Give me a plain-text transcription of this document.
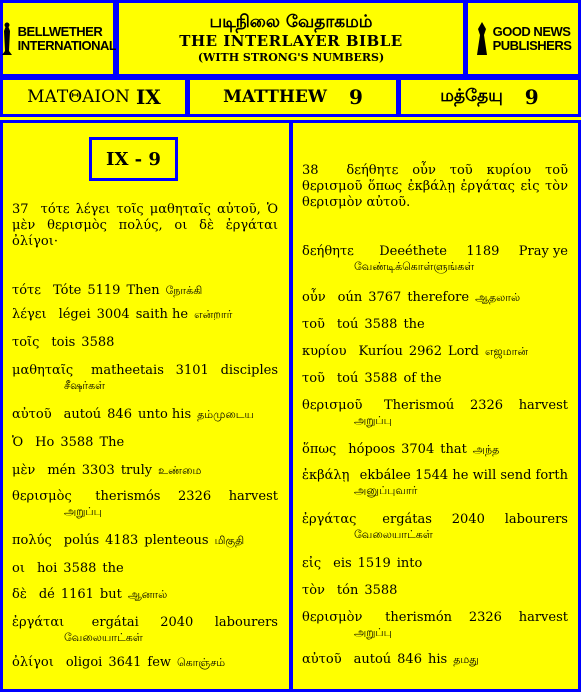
BELLWETHER
INTERNATIONAL
படிநிலை வேதாகமம்
THE INTERLAYER BIBLE
(WITH STRONG'S NUMBERS)
GOOD NEWS
PUBLISHERS
ΜΑΤΘΑΙΟΝ IX	MATTHEW 9	மத்தேயு 9
IX - 9
37 τότε λέγει τοῖς μαθηταῖς αὐτοῦ, Ὁ μὲν θερισμὸς πολύς, οι δὲ ἐργάται ὀλίγοι·
38 δεήθητε οὖν τοῦ κυρίου τοῦ θερισμοῦ ὅπως ἐκβάλῃ ἐργάτας εἰς τὸν θερισμὸν αὐτοῦ.
τότε Tóte 5119 Then நோக்கி
λέγει légei 3004 saith he என்றார்
τοῖς tois 3588
μαθηταῖς matheetais 3101 disciples
சீஷர்கள்
αὐτοῦ autoú 846 unto his தம்முடைய
Ὁ Ho 3588 The
μὲν mén 3303 truly உண்மை
θερισμὸς therismós 2326 harvest
அறுப்பு
πολύς polús 4183 plenteous மிகுதி
οι hoi 3588 the
δὲ dé 1161 but ஆனால்
ἐργάται ergátai 2040 labourers
வேலையாட்கள்
ὀλίγοι oligoi 3641 few கொஞ்சம்
δεήθητε Deeéthete 1189 Pray ye
வேண்டிக்கொள்ளுங்கள்
οὖν oún 3767 therefore ஆதலால்
τοῦ toú 3588 the
κυρίου Kuríou 2962 Lord எஜமான்
τοῦ toú 3588 of the
θερισμοῦ Therismoú 2326 harvest
அறுப்பு
ὅπως hópoos 3704 that அந்த
ἐκβάλῃ ekbálee 1544 he will send forth
அனுப்புவார்
ἐργάτας ergátas 2040 labourers
வேலையாட்கள்
εἰς eis 1519 into
τὸν tón 3588
θερισμὸν therismón 2326 harvest
அறுப்பு
αὐτοῦ autoú 846 his தமது
